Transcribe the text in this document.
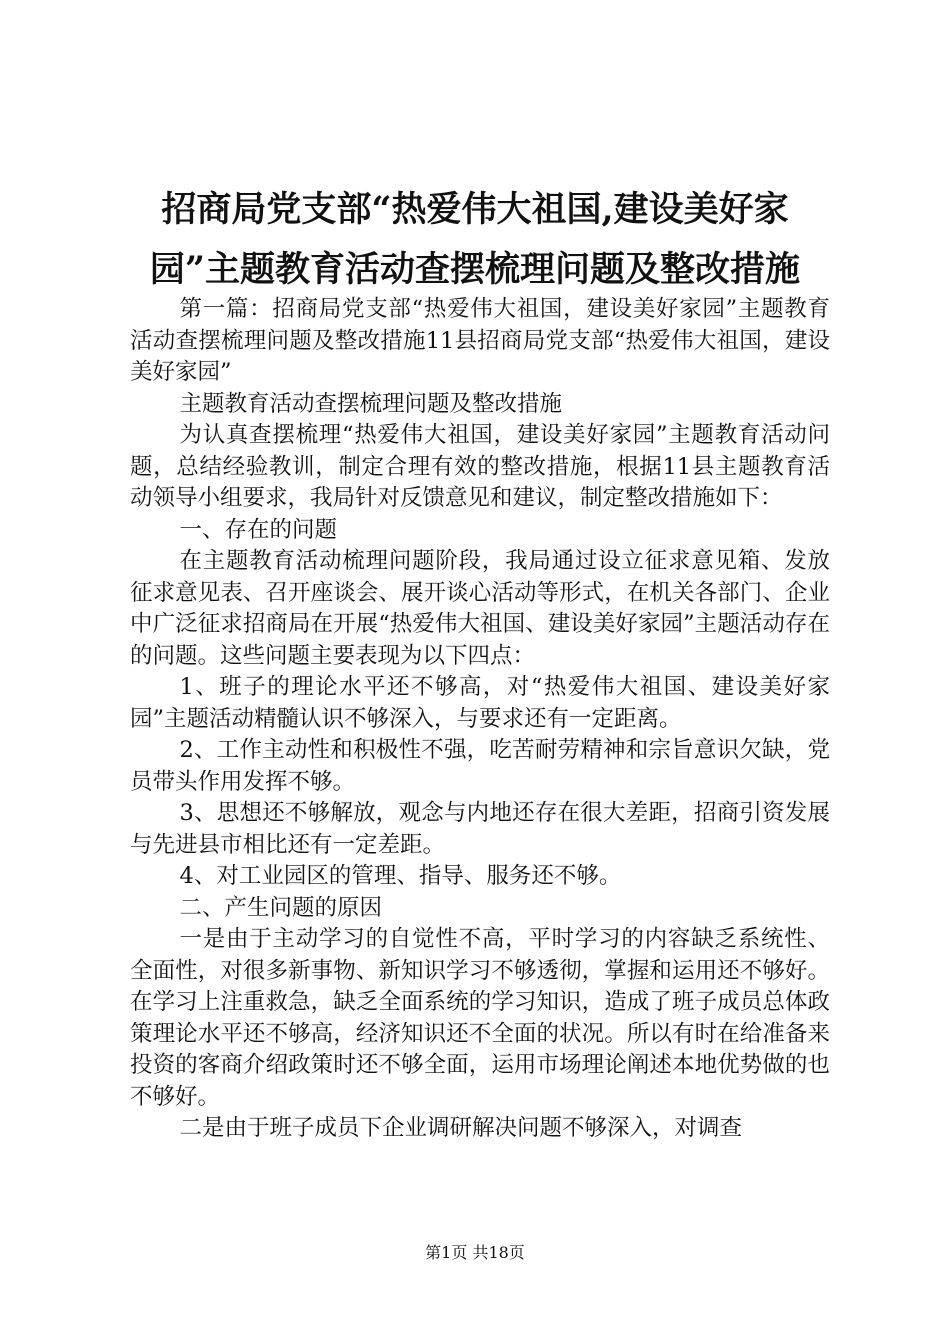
招商局党支部“热爱伟大祖国,建设美好家
园”主题教育活动查摆梳理问题及整改措施

第一篇：招商局党支部“热爱伟大祖国，建设美好家园”主题教育活动查摆梳理问题及整改措施11县招商局党支部“热爱伟大祖国，建设美好家园”

主题教育活动查摆梳理问题及整改措施

为认真查摆梳理“热爱伟大祖国，建设美好家园”主题教育活动问题，总结经验教训，制定合理有效的整改措施，根据11县主题教育活动领导小组要求，我局针对反馈意见和建议，制定整改措施如下：

一、存在的问题

在主题教育活动梳理问题阶段，我局通过设立征求意见箱、发放征求意见表、召开座谈会、展开谈心活动等形式，在机关各部门、企业中广泛征求招商局在开展“热爱伟大祖国、建设美好家园”主题活动存在的问题。这些问题主要表现为以下四点：

1、班子的理论水平还不够高，对“热爱伟大祖国、建设美好家园”主题活动精髓认识不够深入，与要求还有一定距离。

2、工作主动性和积极性不强，吃苦耐劳精神和宗旨意识欠缺，党员带头作用发挥不够。

3、思想还不够解放，观念与内地还存在很大差距，招商引资发展与先进县市相比还有一定差距。

4、对工业园区的管理、指导、服务还不够。

二、产生问题的原因

一是由于主动学习的自觉性不高，平时学习的内容缺乏系统性、全面性，对很多新事物、新知识学习不够透彻，掌握和运用还不够好。在学习上注重救急，缺乏全面系统的学习知识，造成了班子成员总体政策理论水平还不够高，经济知识还不全面的状况。所以有时在给准备来投资的客商介绍政策时还不够全面，运用市场理论阐述本地优势做的也不够好。

二是由于班子成员下企业调研解决问题不够深入，对调查

第1页 共18页
